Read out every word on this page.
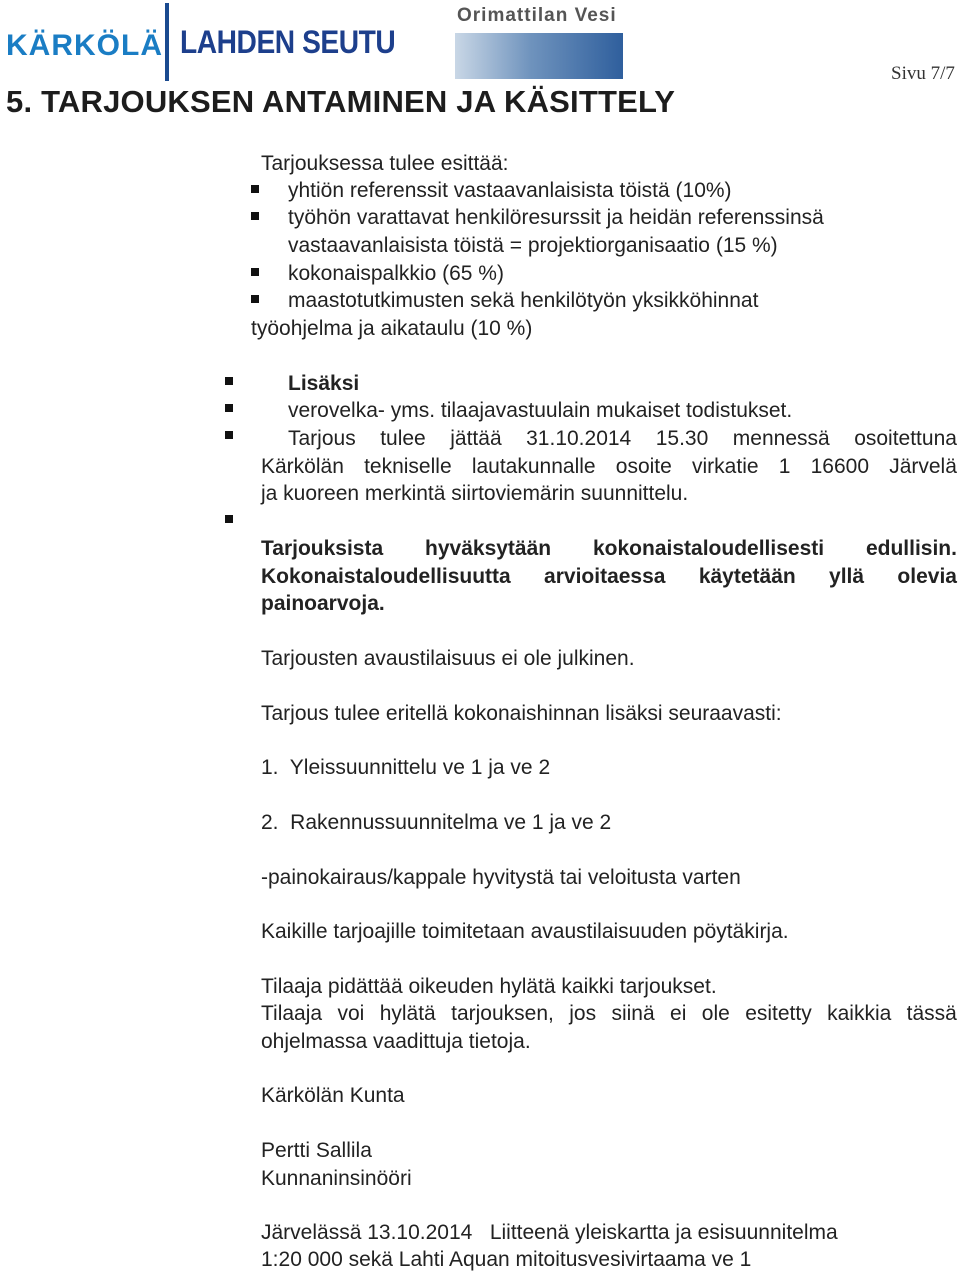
KÄRKÖLÄ LAHDEN SEUTU
Orimattilan Vesi
Sivu 7/7
5. TARJOUKSEN ANTAMINEN JA KÄSITTELY
Tarjouksessa tulee esittää:
yhtiön referenssit vastaavanlaisista töistä (10%)
työhön varattavat henkilöresurssit ja heidän referenssinsä
vastaavanlaisista töistä = projektiorganisaatio (15 %)
kokonaispalkkio (65 %)
maastotutkimusten sekä henkilötyön yksikköhinnat
työohjelma ja aikataulu (10 %)
Lisäksi
verovelka- yms. tilaajavastuulain mukaiset todistukset.
Tarjous tulee jättää 31.10.2014 15.30 mennessä osoitettuna
Kärkölän tekniselle lautakunnalle osoite virkatie 1 16600 Järvelä
ja kuoreen merkintä siirtoviemärin suunnittelu.
Tarjouksista hyväksytään kokonaistaloudellisesti edullisin.
Kokonaistaloudellisuutta arvioitaessa käytetään yllä olevia
painoarvoja.
Tarjousten avaustilaisuus ei ole julkinen.
Tarjous tulee eritellä kokonaishinnan lisäksi seuraavasti:
1.  Yleissuunnittelu ve 1 ja ve 2
2.  Rakennussuunnitelma ve 1 ja ve 2
-painokairaus/kappale hyvitystä tai veloitusta varten
Kaikille tarjoajille toimitetaan avaustilaisuuden pöytäkirja.
Tilaaja pidättää oikeuden hylätä kaikki tarjoukset.
Tilaaja voi hylätä tarjouksen, jos siinä ei ole esitetty kaikkia tässä
ohjelmassa vaadittuja tietoja.
Kärkölän Kunta
Pertti Sallila
Kunnaninsinööri
Järvelässä 13.10.2014   Liitteenä yleiskartta ja esisuunnitelma
1:20 000 sekä Lahti Aquan mitoitusvesivirtaama ve 1
